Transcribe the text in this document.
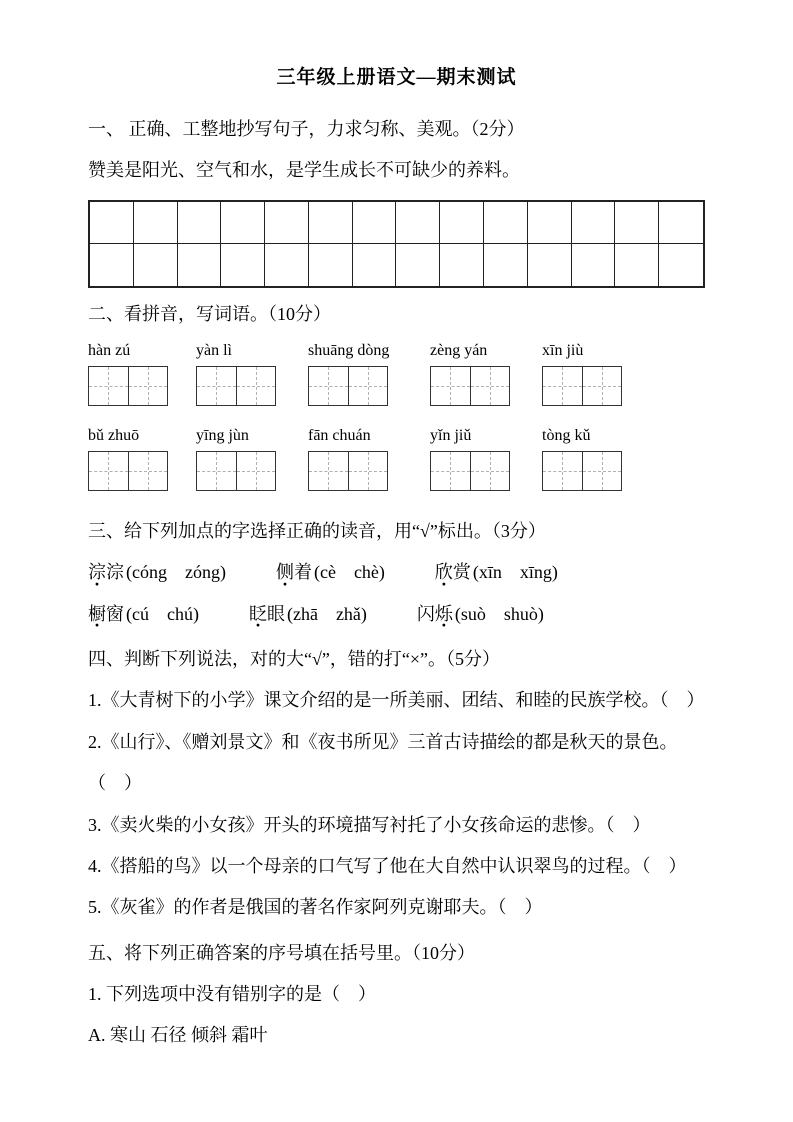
三年级上册语文—期末测试

一、 正确、工整地抄写句子，力求匀称、美观。（2分）

赞美是阳光、空气和水，是学生成长不可缺少的养料。

二、看拼音，写词语。（10分）

hàn zú	yàn lì	shuāng dòng	zèng yán	xīn jiù
bǔ zhuō	yīng jùn	fān chuán	yǐn jiǔ	tòng kǔ

三、给下列加点的字选择正确的读音，用“√”标出。（3分）

淙淙 (cóng　zóng)	侧着 (cè　chè)	欣赏 (xīn　xīng)
橱窗 (cú　chú)	眨眼 (zhā　zhǎ)	闪烁 (suò　shuò)

四、判断下列说法，对的大“√”，错的打“×”。（5分）

1.《大青树下的小学》课文介绍的是一所美丽、团结、和睦的民族学校。（　）

2.《山行》、《赠刘景文》和《夜书所见》三首古诗描绘的都是秋天的景色。（　）

3.《卖火柴的小女孩》开头的环境描写衬托了小女孩命运的悲惨。（　）

4.《搭船的鸟》以一个母亲的口气写了他在大自然中认识翠鸟的过程。（　）

5.《灰雀》的作者是俄国的著名作家阿列克谢耶夫。（　）

五、将下列正确答案的序号填在括号里。（10分）

1. 下列选项中没有错别字的是（　）

A. 寒山 石径 倾斜 霜叶
